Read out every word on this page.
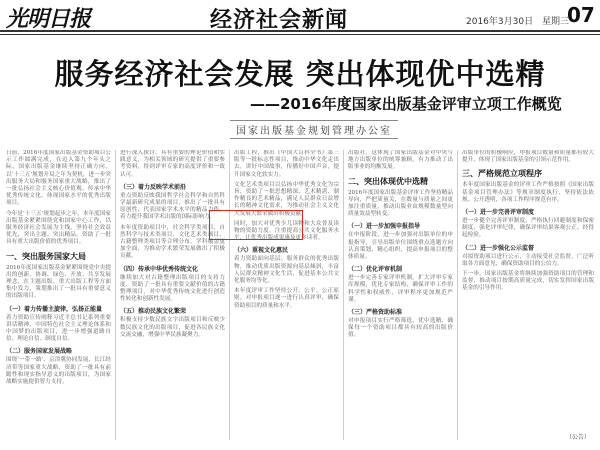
光明日报	经济社会新闻	2016年3月30日 星期三
07
服务经济社会发展 突出体现优中选精
——2016年度国家出版基金评审立项工作概览
国家出版基金规划管理办公室

日前，2016年度国家出版基金资助项目公示工作圆满完成，在迈入第九个年头之际，国家出版基金继续坚持正确方向，以‘十三五’规划开局之年为契机，进一步突出服务大局和服务国家重大战略，推出了一批弘扬社会主义核心价值观、传承中华优秀传统文化、体现国家水平的优秀出版项目。

今年是‘十三五’规划起步之年，本年度国家出版基金紧紧围绕党和国家中心工作，以服务经济社会发展为主线，坚持社会效益优先，突出主题、突出精品，资助了一批具有重大出版价值的优秀项目。

一、突出服务国家大局

2016年度国家出版基金紧紧围绕党中央提出的创新、协调、绿色、开放、共享发展理念，在主题出版、重大出版工程等方面集中发力，策划推出了一批具有重要意义的出版项目。

（一）着力传播主旋律，弘扬正能量

着力资助宣传阐释习近平总书记系列重要讲话精神、中国特色社会主义理论体系和中国梦的出版项目，进一步增强道路自信、理论自信、制度自信。

（二）服务国家发展战略

围绕‘一带一路’、京津冀协同发展、长江经济带等国家重大战略，资助了一批具有前瞻性和现实指导意义的出版项目，为国家战略实施提供智力支持。

进行深入探讨，具有重要的理论价值和实践意义，为相关领域的研究提供了重要参考资料，得到评审专家的高度评价和一致认可。

（三）着力反映学术前沿

重点资助反映我国哲学社会科学和自然科学最新研究成果的项目，推出了一批具有原创性、代表国家学术水平的精品力作，着力提升我国学术出版的国际影响力。

本年度资助项目中，社会科学类项目、自然科学与技术类项目、文化艺术类项目、古籍整理类项目等合理分布，学科覆盖更加全面，为推动学术繁荣发展做出了积极贡献。

（四）传承中华优秀传统文化

继续加大对古籍整理出版项目的支持力度，资助了一批具有重要文献价值的古籍整理项目，对中华优秀传统文化进行创造性转化和创新性发展。

（五）推动民族文化繁荣

积极支持少数民族文字出版项目和反映少数民族文化的出版项目，促进各民族文化交流交融，增强中华民族凝聚力。

出版工程，推出《中国大百科全书》第三版等一批标志性项目，推动中华文化走出去，讲好中国故事，传播好中国声音，提升国家文化软实力。

文化艺术类项目以弘扬中华优秀文化为宗旨，资助了一批思想精深、艺术精湛、制作精良的艺术精品，满足人民群众日益增长的精神文化需求，为推动社会主义文化大发展大繁荣做出积极贡献。

同时，加大对优秀少儿读物和大众普及读物的资助力度，注重提高公共文化服务水平，让优秀出版成果惠及更多读者。

（六）重视文化惠民

着力资助面向基层、服务群众的优秀出版物，推动优质出版资源向基层倾斜，丰富人民群众精神文化生活，促进基本公共文化服务均等化。

本年度评审工作坚持公开、公平、公正原则，对申报项目逐一进行认真评审，确保资助项目的质量和水平。

出版社，这体现了国家出版基金对中央与地方出版单位的统筹兼顾，有力推动了出版事业的均衡发展。

二、突出体现优中选精

2016年度国家出版基金评审工作坚持精品导向，严把质量关，在数量与质量之间更加注重质量，推动出版业由规模数量型向质量效益型转变。

（一）进一步加强申报指导

在申报阶段，进一步加强对出版单位的申报指导，引导出版单位围绕重点选题方向认真策划、精心组织，提高申报项目的整体质量。

（二）优化评审机制

进一步完善专家评审机制，扩大评审专家库规模，优化专家结构，确保评审工作的科学性和权威性，评审程序更加规范严谨。

（三）严格资助标准

对申报项目实行严格筛选，优中选精，确保每一个资助项目都具有较高的出版价值。

出版单位的积极响应，申报项目数量和质量都有较大提升，体现了国家出版基金的引领示范作用。

三、严格规范立项程序

本年度国家出版基金的评审工作严格按照《国家出版基金项目管理办法》等规章制度执行，坚持依法依规、公开透明，各项工作程序规范有序。

（一）进一步完善评审制度

进一步健全完善评审制度，严格执行回避制度和保密制度，强化评审纪律，确保评审结果客观公正、经得起检验。

（二）进一步强化公示监督

对拟资助项目进行公示，主动接受社会监督，广泛听取各方面意见，确保资助项目的公信力。

下一步，国家出版基金将继续加强资助项目的管理和监督，推动项目按期高质量完成，切实发挥国家出版基金的引导作用。

（公告）
